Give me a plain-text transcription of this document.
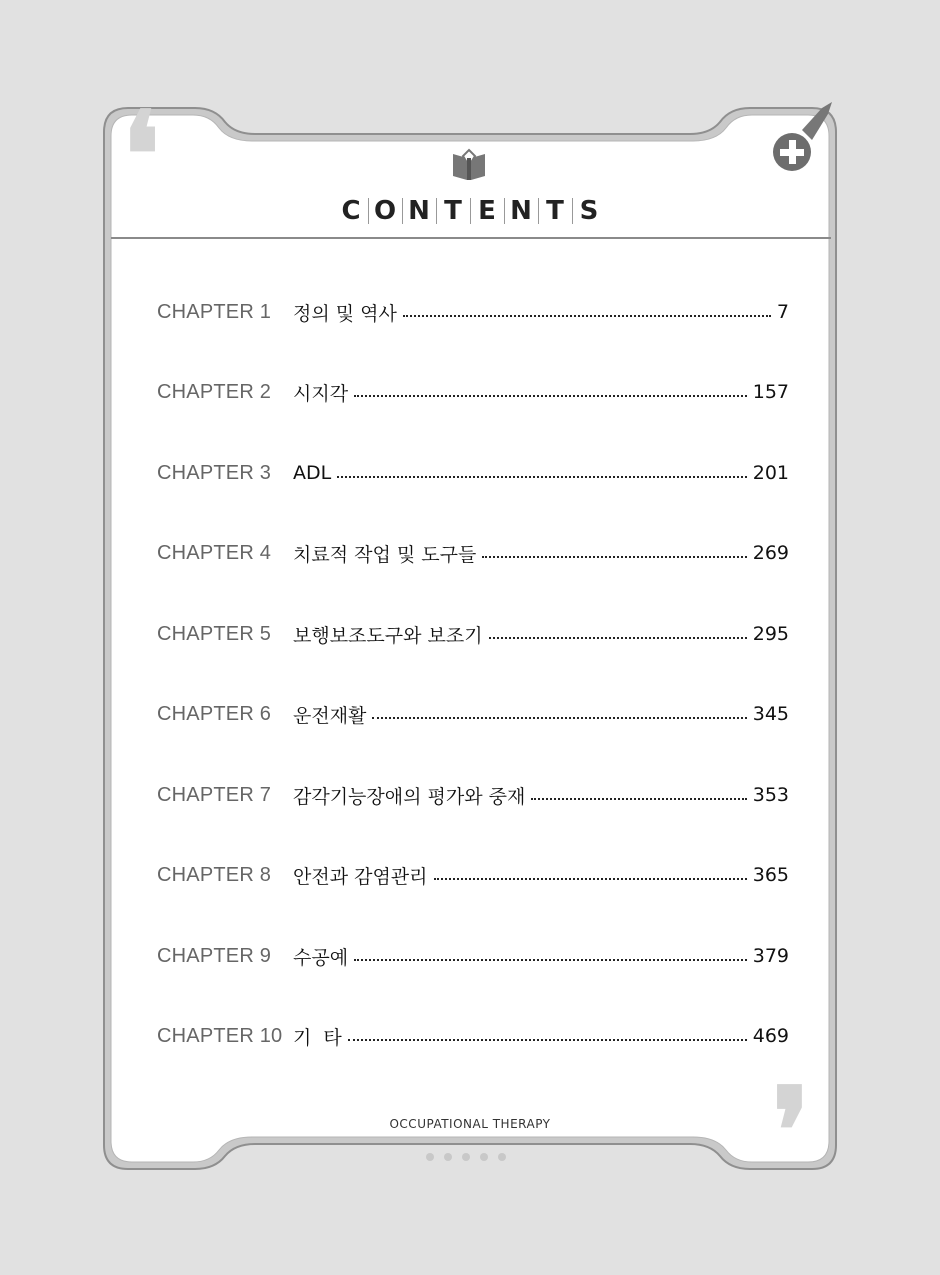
❛
❜
C O N T E N T S
CHAPTER 1	정의 및 역사	7
CHAPTER 2	시지각	157
CHAPTER 3	ADL	201
CHAPTER 4	치료적 작업 및 도구들	269
CHAPTER 5	보행보조도구와 보조기	295
CHAPTER 6	운전재활	345
CHAPTER 7	감각기능장애의 평가와 중재	353
CHAPTER 8	안전과 감염관리	365
CHAPTER 9	수공예	379
CHAPTER 10 기  타	469
OCCUPATIONAL THERAPY
